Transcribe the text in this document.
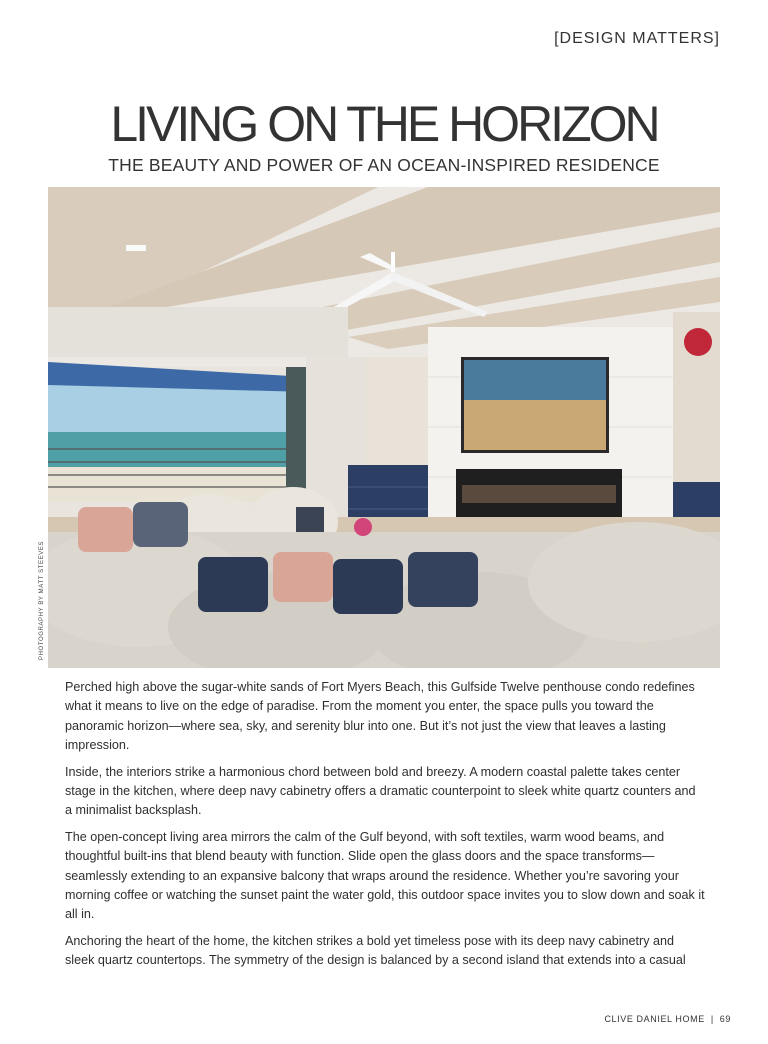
[DESIGN MATTERS]
LIVING ON THE HORIZON
THE BEAUTY AND POWER OF AN OCEAN-INSPIRED RESIDENCE
PHOTOGRAPHY BY MATT STEEVES

Perched high above the sugar-white sands of Fort Myers Beach, this Gulfside Twelve penthouse condo redefines what it means to live on the edge of paradise. From the moment you enter, the space pulls you toward the panoramic horizon—where sea, sky, and serenity blur into one. But it’s not just the view that leaves a lasting impression.

Inside, the interiors strike a harmonious chord between bold and breezy. A modern coastal palette takes center stage in the kitchen, where deep navy cabinetry offers a dramatic counterpoint to sleek white quartz counters and a minimalist backsplash.

The open-concept living area mirrors the calm of the Gulf beyond, with soft textiles, warm wood beams, and thoughtful built-ins that blend beauty with function. Slide open the glass doors and the space transforms—seamlessly extending to an expansive balcony that wraps around the residence. Whether you’re savoring your morning coffee or watching the sunset paint the water gold, this outdoor space invites you to slow down and soak it all in.

Anchoring the heart of the home, the kitchen strikes a bold yet timeless pose with its deep navy cabinetry and sleek quartz countertops. The symmetry of the design is balanced by a second island that extends into a casual

CLIVE DANIEL HOME | 69
